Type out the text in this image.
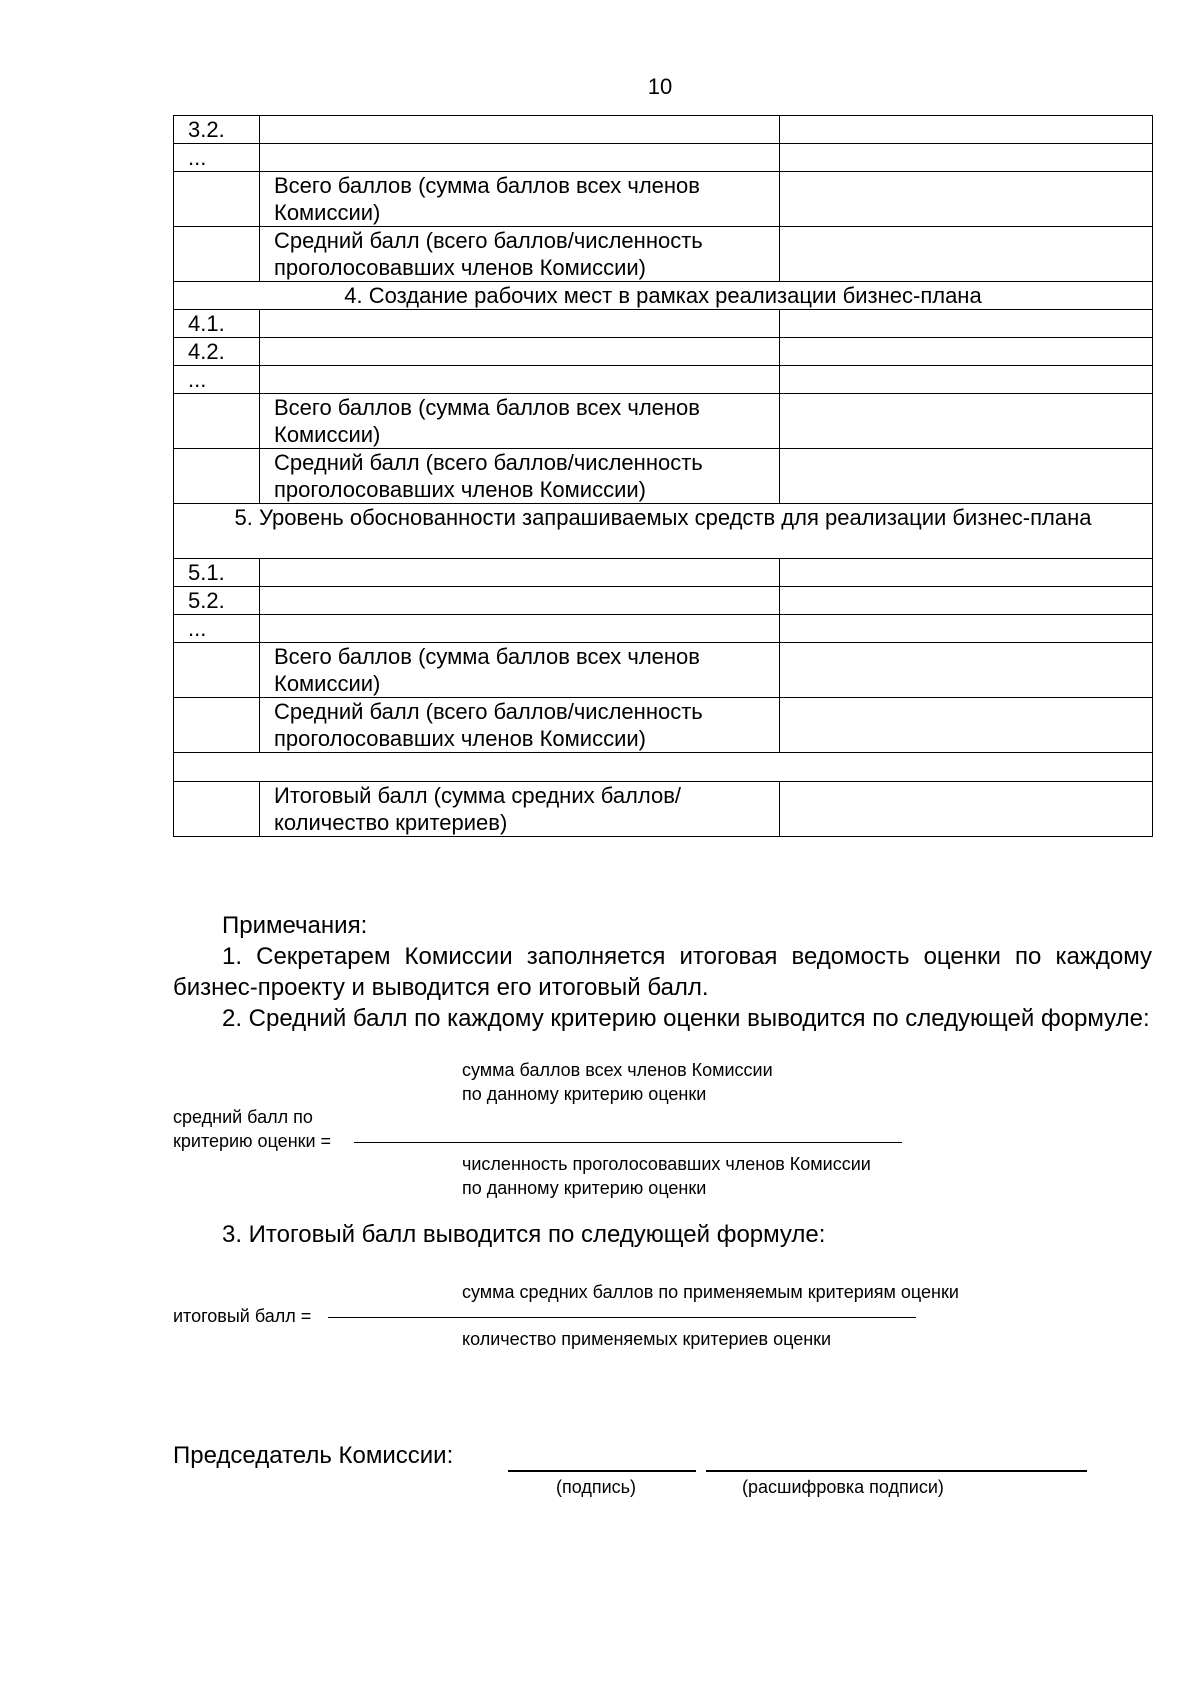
10
3.2.		
...		
	Всего баллов (сумма баллов всех членов Комиссии)	
	Средний балл (всего баллов/численность проголосовавших членов Комиссии)	
4. Создание рабочих мест в рамках реализации бизнес-плана		
4.1.		
4.2.		
...		
	Всего баллов (сумма баллов всех членов Комиссии)	
	Средний балл (всего баллов/численность проголосовавших членов Комиссии)	
5. Уровень обоснованности запрашиваемых средств для реализации бизнес-плана		
5.1.		
5.2.		
...		
	Всего баллов (сумма баллов всех членов Комиссии)	
	Средний балл (всего баллов/численность проголосовавших членов Комиссии)	

	Итоговый балл (сумма средних баллов/количество критериев)	
Примечания:
1. Секретарем Комиссии заполняется итоговая ведомость оценки по каждому бизнес-проекту и выводится его итоговый балл.
2. Средний балл по каждому критерию оценки выводится по следующей формуле:
сумма баллов всех членов Комиссии
по данному критерию оценки
средний балл по
критерию оценки =
численность проголосовавших членов Комиссии
по данному критерию оценки
3. Итоговый балл выводится по следующей формуле:
сумма средних баллов по применяемым критериям оценки
итоговый балл =
количество применяемых критериев оценки
Председатель Комиссии:
(подпись)	(расшифровка подписи)
